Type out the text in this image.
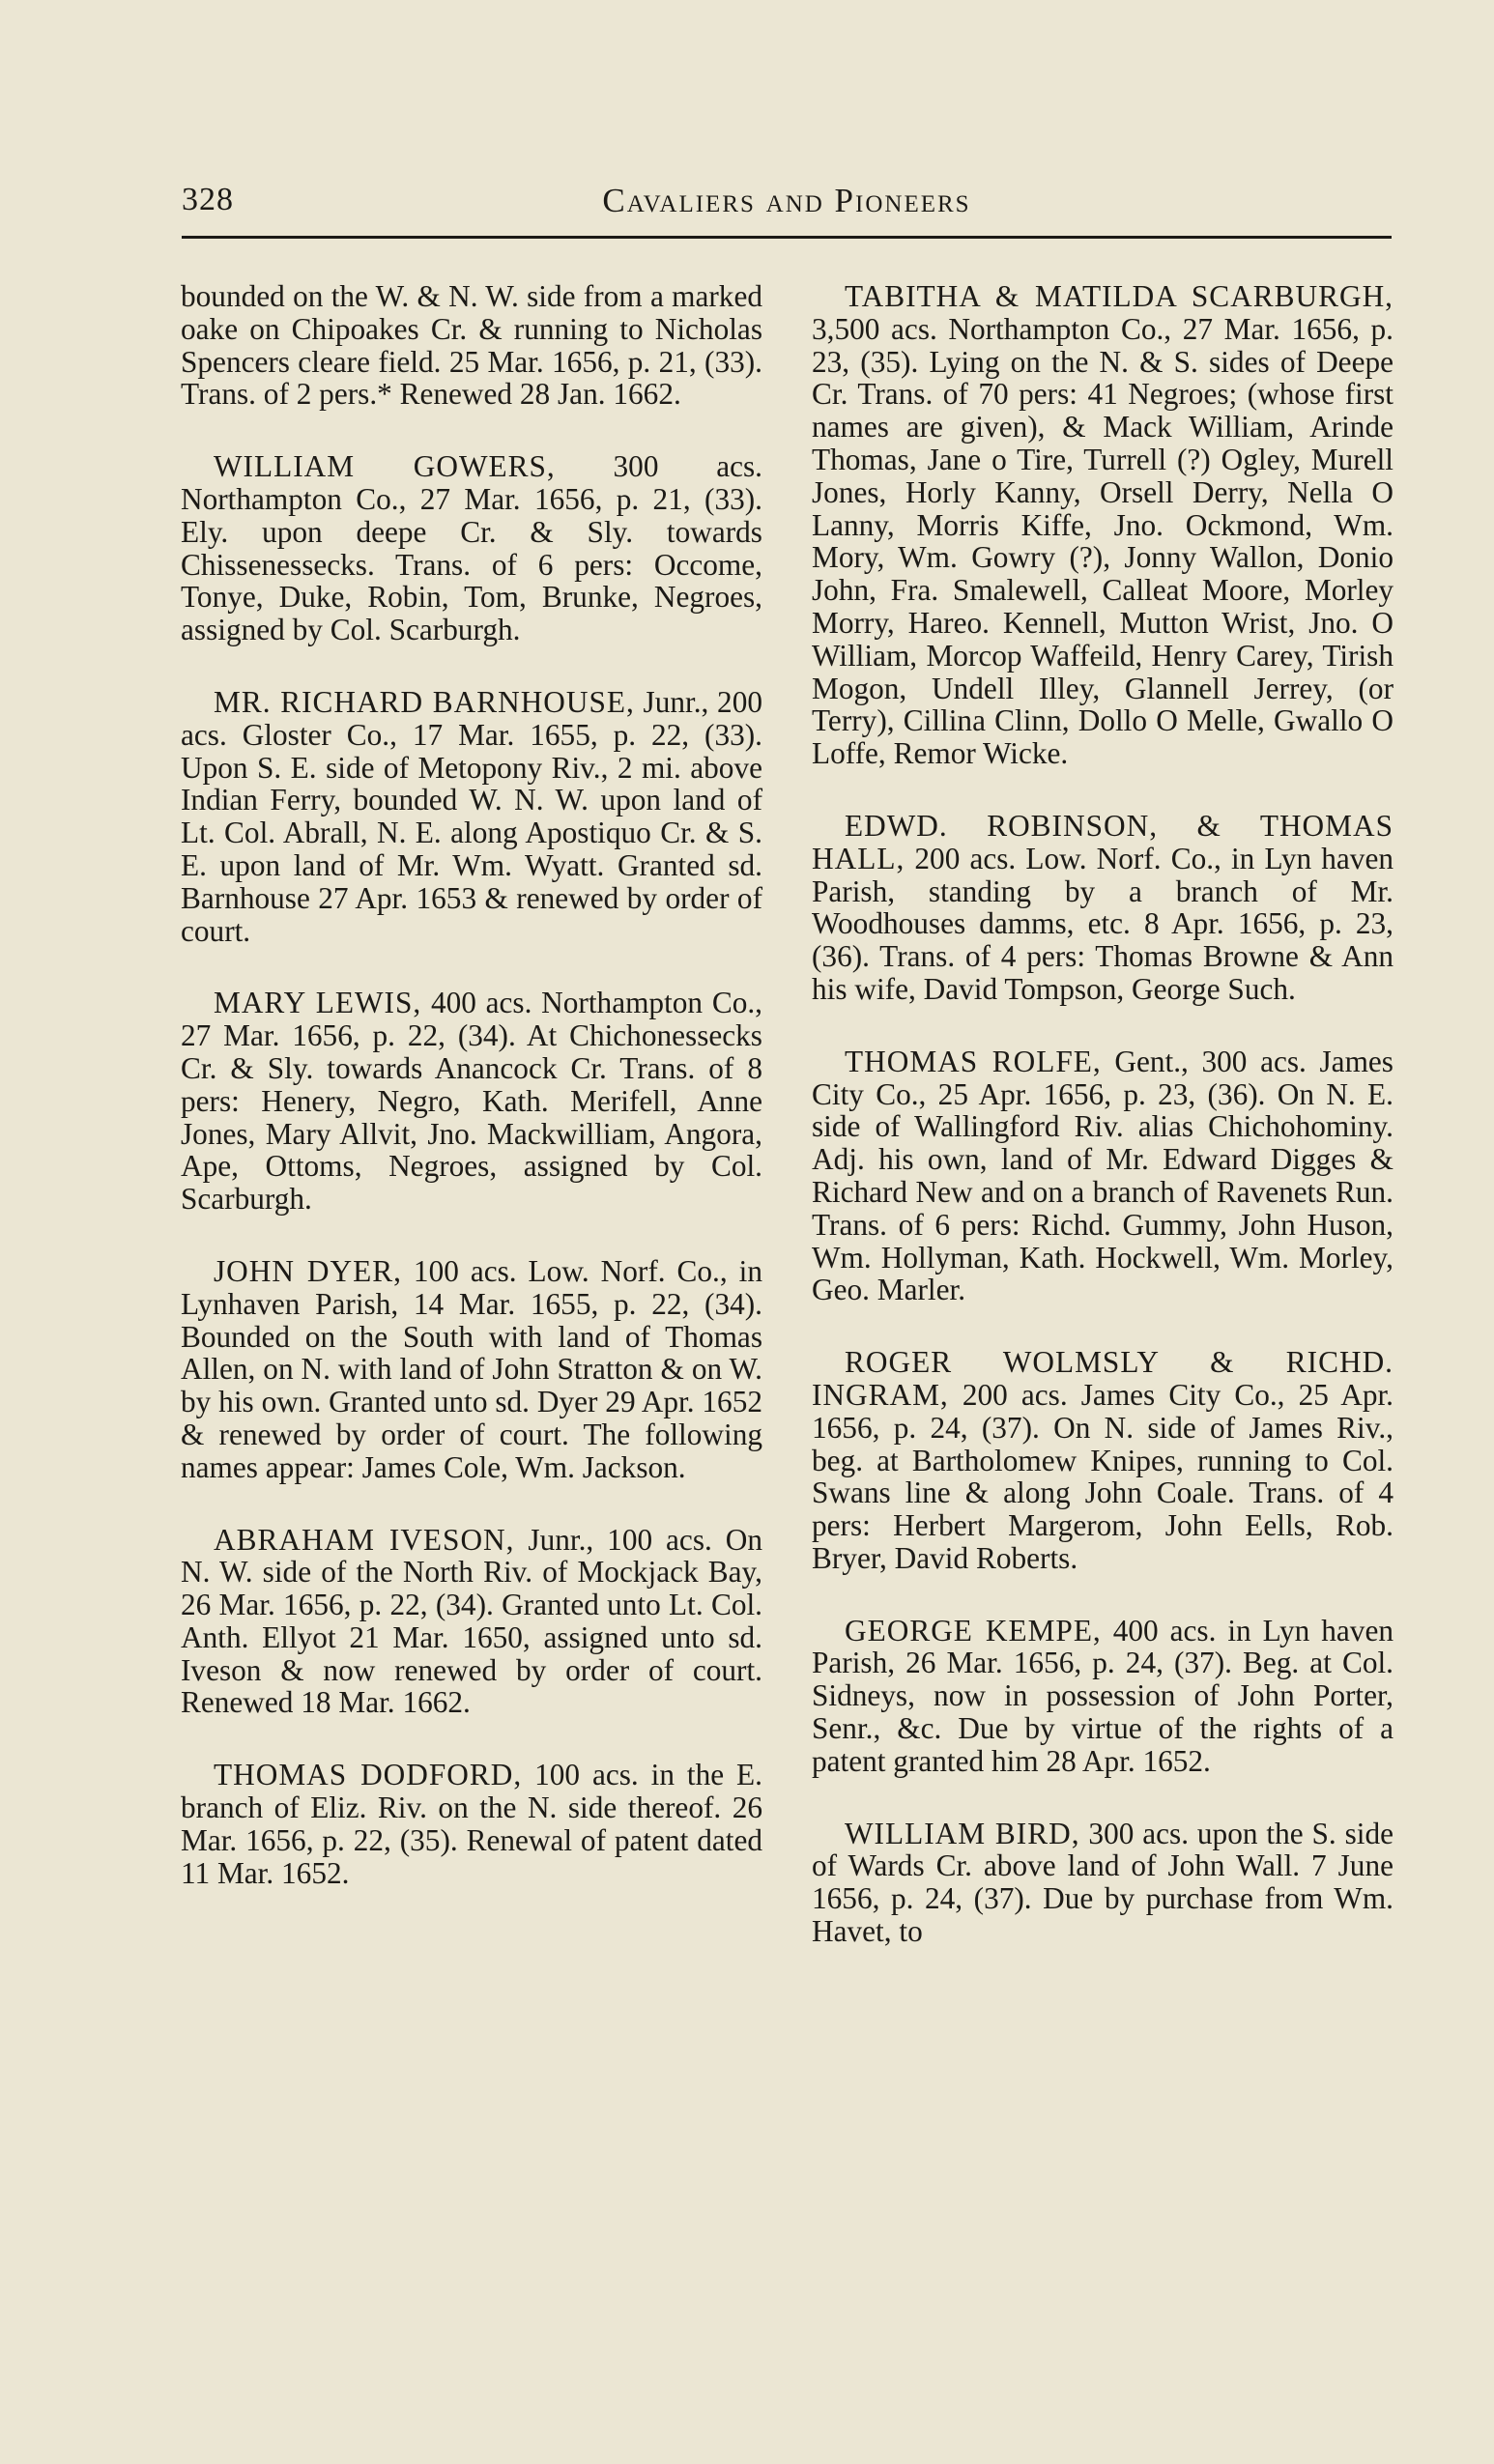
328	Cavaliers and Pioneers

bounded on the W. & N. W. side from a marked oake on Chipoakes Cr. & running to Nicholas Spencers cleare field. 25 Mar. 1656, p. 21, (33). Trans. of 2 pers.* Renewed 28 Jan. 1662.

WILLIAM GOWERS, 300 acs. Northampton Co., 27 Mar. 1656, p. 21, (33). Ely. upon deepe Cr. & Sly. towards Chissenessecks. Trans. of 6 pers: Occome, Tonye, Duke, Robin, Tom, Brunke, Negroes, assigned by Col. Scarburgh.

MR. RICHARD BARNHOUSE, Junr., 200 acs. Gloster Co., 17 Mar. 1655, p. 22, (33). Upon S. E. side of Metopony Riv., 2 mi. above Indian Ferry, bounded W. N. W. upon land of Lt. Col. Abrall, N. E. along Apostiquo Cr. & S. E. upon land of Mr. Wm. Wyatt. Granted sd. Barnhouse 27 Apr. 1653 & renewed by order of court.

MARY LEWIS, 400 acs. Northampton Co., 27 Mar. 1656, p. 22, (34). At Chichonessecks Cr. & Sly. towards Anancock Cr. Trans. of 8 pers: Henery, Negro, Kath. Merifell, Anne Jones, Mary Allvit, Jno. Mackwilliam, Angora, Ape, Ottoms, Negroes, assigned by Col. Scarburgh.

JOHN DYER, 100 acs. Low. Norf. Co., in Lynhaven Parish, 14 Mar. 1655, p. 22, (34). Bounded on the South with land of Thomas Allen, on N. with land of John Stratton & on W. by his own. Granted unto sd. Dyer 29 Apr. 1652 & renewed by order of court. The following names appear: James Cole, Wm. Jackson.

ABRAHAM IVESON, Junr., 100 acs. On N. W. side of the North Riv. of Mockjack Bay, 26 Mar. 1656, p. 22, (34). Granted unto Lt. Col. Anth. Ellyot 21 Mar. 1650, assigned unto sd. Iveson & now renewed by order of court. Renewed 18 Mar. 1662.

THOMAS DODFORD, 100 acs. in the E. branch of Eliz. Riv. on the N. side thereof. 26 Mar. 1656, p. 22, (35). Renewal of patent dated 11 Mar. 1652.

TABITHA & MATILDA SCARBURGH, 3,500 acs. Northampton Co., 27 Mar. 1656, p. 23, (35). Lying on the N. & S. sides of Deepe Cr. Trans. of 70 pers: 41 Negroes; (whose first names are given), & Mack William, Arinde Thomas, Jane o Tire, Turrell (?) Ogley, Murell Jones, Horly Kanny, Orsell Derry, Nella O Lanny, Morris Kiffe, Jno. Ockmond, Wm. Mory, Wm. Gowry (?), Jonny Wallon, Donio John, Fra. Smalewell, Calleat Moore, Morley Morry, Hareo. Kennell, Mutton Wrist, Jno. O William, Morcop Waffeild, Henry Carey, Tirish Mogon, Undell Illey, Glannell Jerrey, (or Terry), Cillina Clinn, Dollo O Melle, Gwallo O Loffe, Remor Wicke.

EDWD. ROBINSON, & THOMAS HALL, 200 acs. Low. Norf. Co., in Lyn haven Parish, standing by a branch of Mr. Woodhouses damms, etc. 8 Apr. 1656, p. 23, (36). Trans. of 4 pers: Thomas Browne & Ann his wife, David Tompson, George Such.

THOMAS ROLFE, Gent., 300 acs. James City Co., 25 Apr. 1656, p. 23, (36). On N. E. side of Wallingford Riv. alias Chichohominy. Adj. his own, land of Mr. Edward Digges & Richard New and on a branch of Ravenets Run. Trans. of 6 pers: Richd. Gummy, John Huson, Wm. Hollyman, Kath. Hockwell, Wm. Morley, Geo. Marler.

ROGER WOLMSLY & RICHD. INGRAM, 200 acs. James City Co., 25 Apr. 1656, p. 24, (37). On N. side of James Riv., beg. at Bartholomew Knipes, running to Col. Swans line & along John Coale. Trans. of 4 pers: Herbert Margerom, John Eells, Rob. Bryer, David Roberts.

GEORGE KEMPE, 400 acs. in Lyn haven Parish, 26 Mar. 1656, p. 24, (37). Beg. at Col. Sidneys, now in possession of John Porter, Senr., &c. Due by virtue of the rights of a patent granted him 28 Apr. 1652.

WILLIAM BIRD, 300 acs. upon the S. side of Wards Cr. above land of John Wall. 7 June 1656, p. 24, (37). Due by purchase from Wm. Havet, to
